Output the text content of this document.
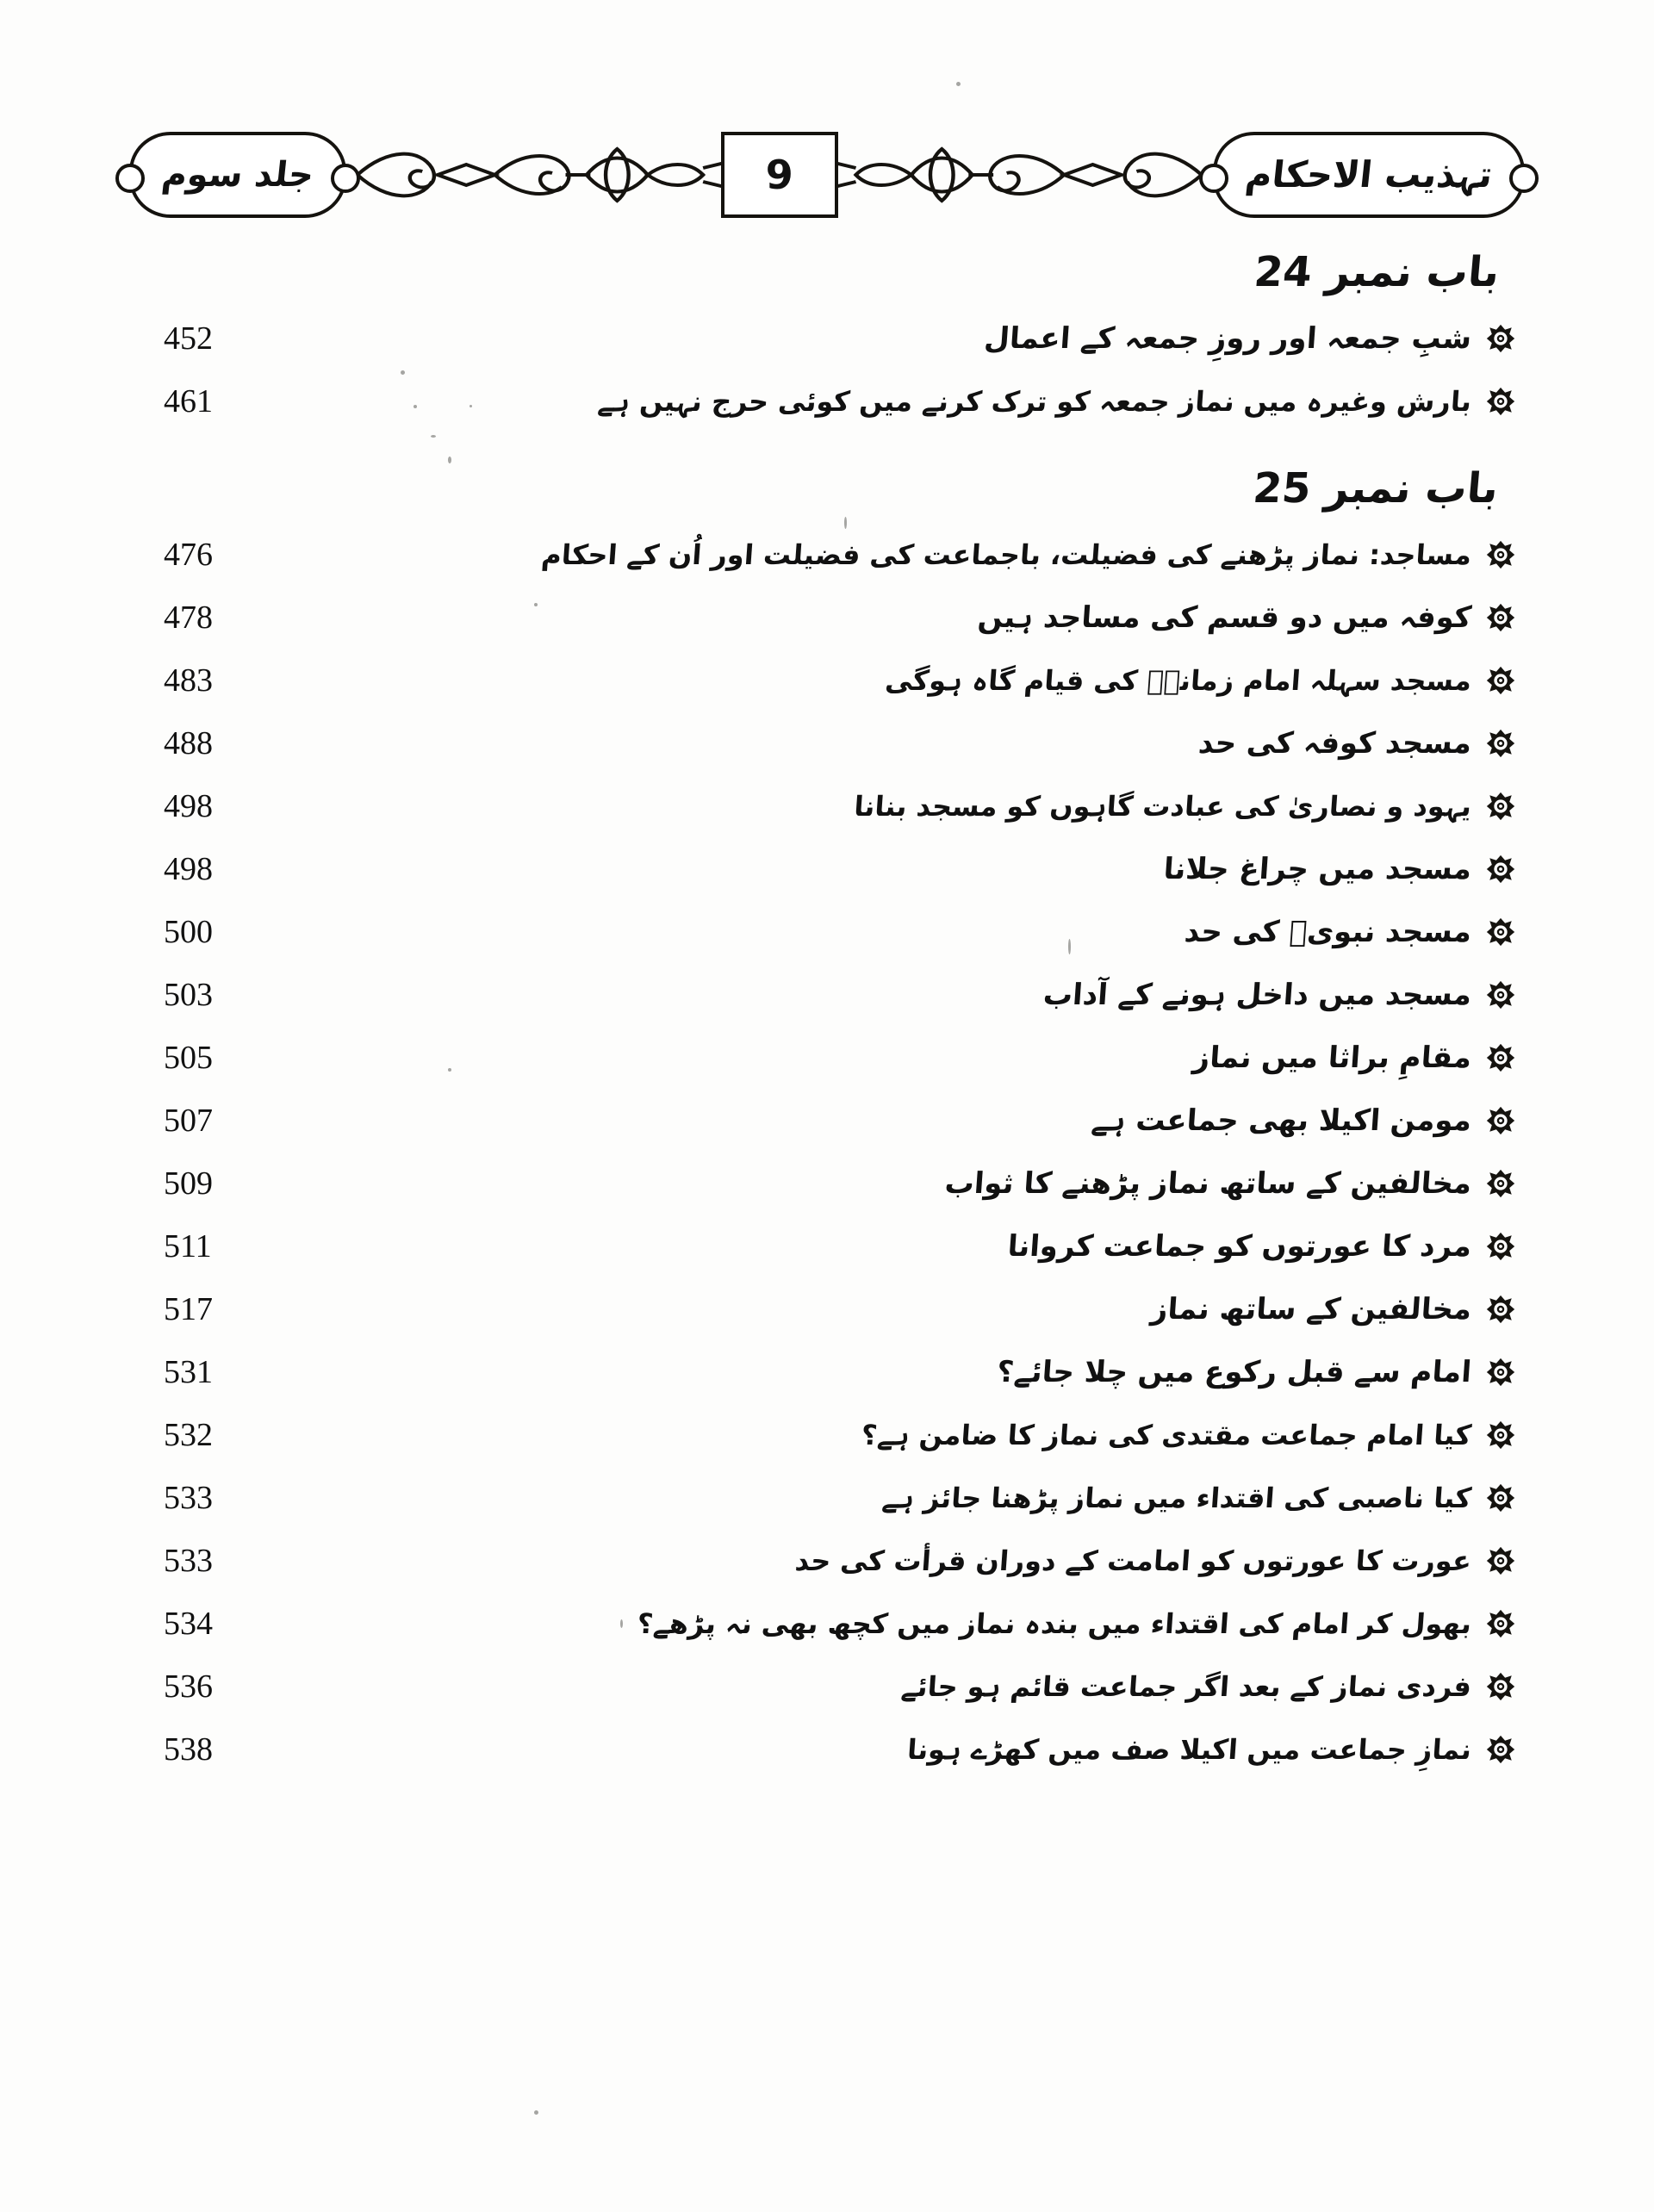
تہذیب الاحکام
9
جلد سوم
باب نمبر 24
شبِ جمعہ اور روزِ جمعہ کے اعمال
452
بارش وغیرہ میں نماز جمعہ کو ترک کرنے میں کوئی حرج نہیں ہے
461
باب نمبر 25
مساجد: نماز پڑھنے کی فضیلت، باجماعت کی فضیلت اور اُن کے احکام
476
کوفہ میں دو قسم کی مساجد ہیں
478
مسجد سہلہ امام زمانہؑ کی قیام گاہ ہوگی
483
مسجد کوفہ کی حد
488
یہود و نصاریٰ کی عبادت گاہوں کو مسجد بنانا
498
مسجد میں چراغ جلانا
498
مسجد نبویؐ کی حد
500
مسجد میں داخل ہونے کے آداب
503
مقامِ براثا میں نماز
505
مومن اکیلا بھی جماعت ہے
507
مخالفین کے ساتھ نماز پڑھنے کا ثواب
509
مرد کا عورتوں کو جماعت کروانا
511
مخالفین کے ساتھ نماز
517
امام سے قبل رکوع میں چلا جائے؟
531
کیا امام جماعت مقتدی کی نماز کا ضامن ہے؟
532
کیا ناصبی کی اقتداء میں نماز پڑھنا جائز ہے
533
عورت کا عورتوں کو امامت کے دوران قرأت کی حد
533
بھول کر امام کی اقتداء میں بندہ نماز میں کچھ بھی نہ پڑھے؟
534
فردی نماز کے بعد اگر جماعت قائم ہو جائے
536
نمازِ جماعت میں اکیلا صف میں کھڑے ہونا
538
